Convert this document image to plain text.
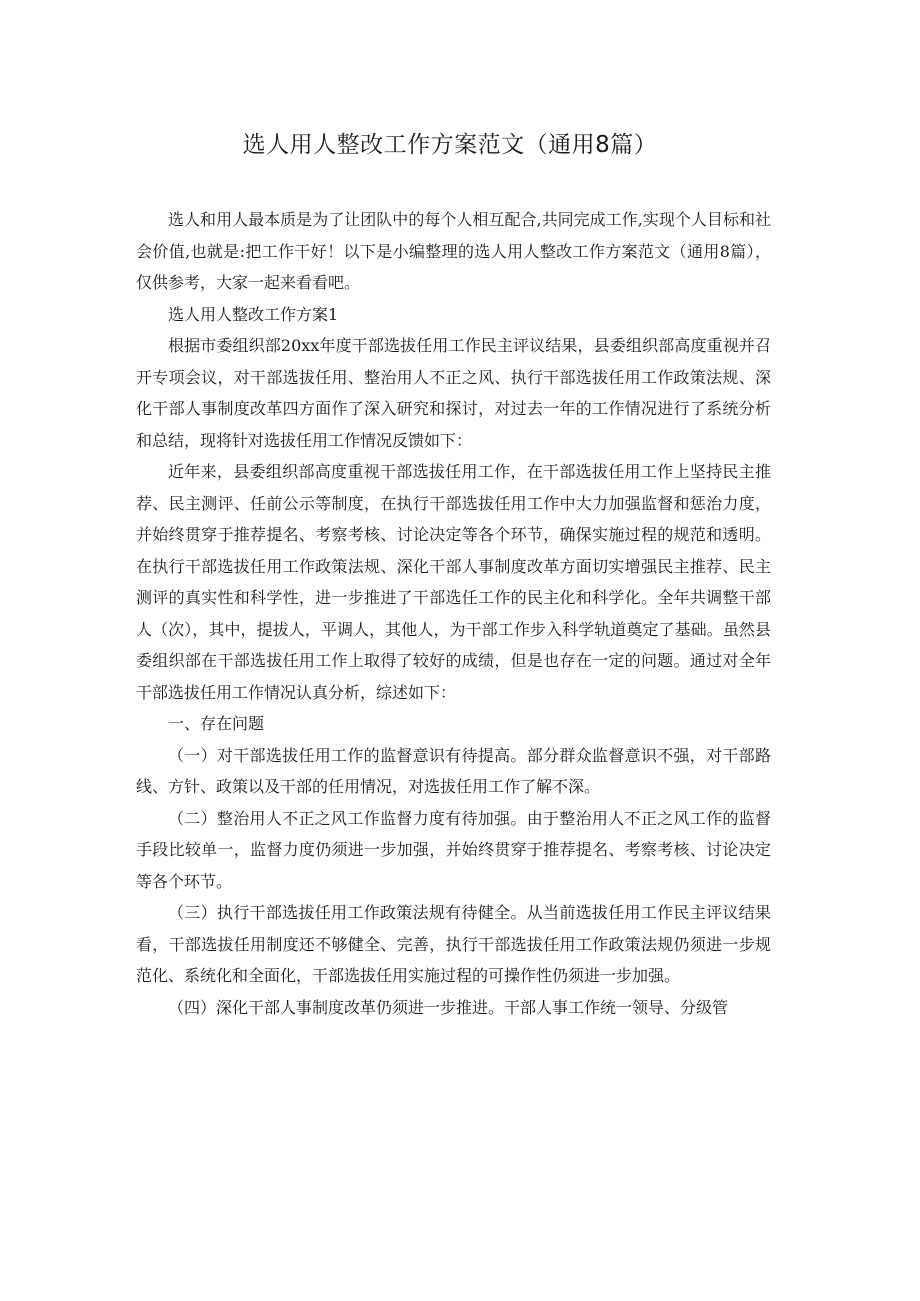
选人用人整改工作方案范文（通用8篇）

选人和用人最本质是为了让团队中的每个人相互配合,共同完成工作,实现个人目标和社会价值,也就是:把工作干好！以下是小编整理的选人用人整改工作方案范文（通用8篇），仅供参考，大家一起来看看吧。

选人用人整改工作方案1

根据市委组织部20xx年度干部选拔任用工作民主评议结果，县委组织部高度重视并召开专项会议，对干部选拔任用、整治用人不正之风、执行干部选拔任用工作政策法规、深化干部人事制度改革四方面作了深入研究和探讨，对过去一年的工作情况进行了系统分析和总结，现将针对选拔任用工作情况反馈如下：

近年来，县委组织部高度重视干部选拔任用工作，在干部选拔任用工作上坚持民主推荐、民主测评、任前公示等制度，在执行干部选拔任用工作中大力加强监督和惩治力度，并始终贯穿于推荐提名、考察考核、讨论决定等各个环节，确保实施过程的规范和透明。在执行干部选拔任用工作政策法规、深化干部人事制度改革方面切实增强民主推荐、民主测评的真实性和科学性，进一步推进了干部选任工作的民主化和科学化。全年共调整干部人（次），其中，提拔人，平调人，其他人，为干部工作步入科学轨道奠定了基础。虽然县委组织部在干部选拔任用工作上取得了较好的成绩，但是也存在一定的问题。通过对全年干部选拔任用工作情况认真分析，综述如下：

一、存在问题

（一）对干部选拔任用工作的监督意识有待提高。部分群众监督意识不强，对干部路线、方针、政策以及干部的任用情况，对选拔任用工作了解不深。

（二）整治用人不正之风工作监督力度有待加强。由于整治用人不正之风工作的监督手段比较单一，监督力度仍须进一步加强，并始终贯穿于推荐提名、考察考核、讨论决定等各个环节。

（三）执行干部选拔任用工作政策法规有待健全。从当前选拔任用工作民主评议结果看，干部选拔任用制度还不够健全、完善，执行干部选拔任用工作政策法规仍须进一步规范化、系统化和全面化，干部选拔任用实施过程的可操作性仍须进一步加强。

（四）深化干部人事制度改革仍须进一步推进。干部人事工作统一领导、分级管
